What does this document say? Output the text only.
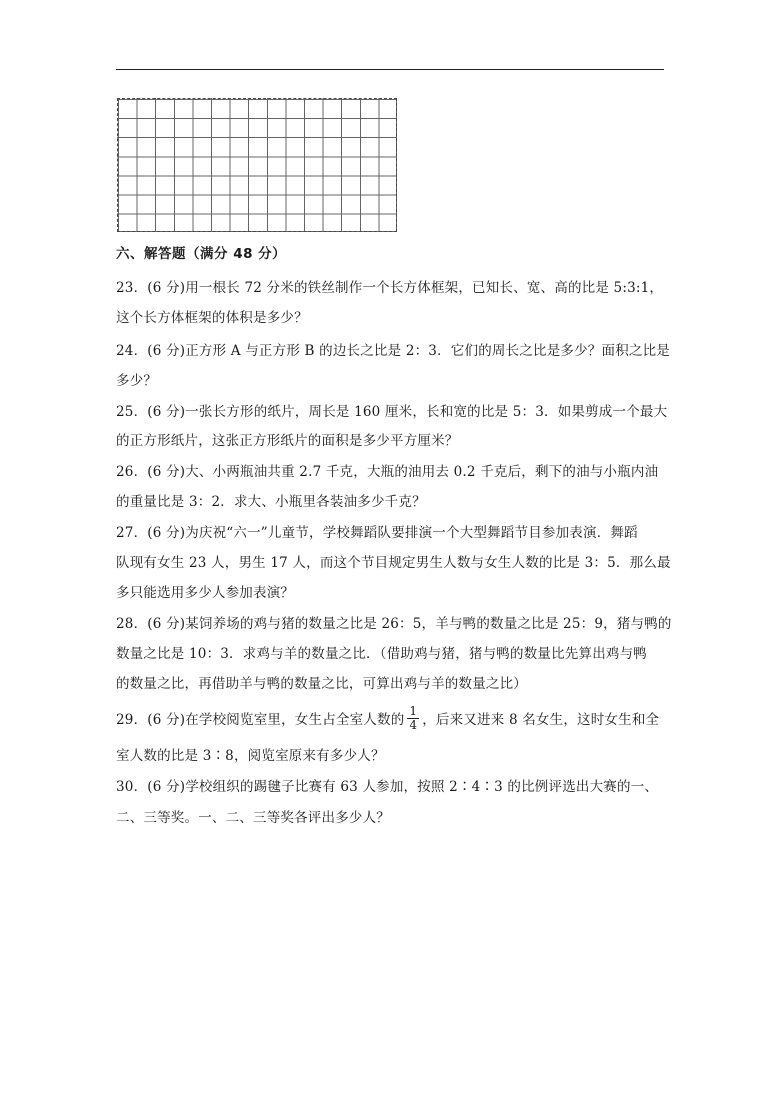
六、解答题（满分 48 分）
23．(6 分)用一根长 72 分米的铁丝制作一个长方体框架，已知长、宽、高的比是 5:3:1，
这个长方体框架的体积是多少？
24．(6 分)正方形 A 与正方形 B 的边长之比是 2：3．它们的周长之比是多少？面积之比是
多少？
25．(6 分)一张长方形的纸片，周长是 160 厘米，长和宽的比是 5：3．如果剪成一个最大
的正方形纸片，这张正方形纸片的面积是多少平方厘米？
26．(6 分)大、小两瓶油共重 2.7 千克，大瓶的油用去 0.2 千克后，剩下的油与小瓶内油
的重量比是 3：2．求大、小瓶里各装油多少千克？
27．(6 分)为庆祝“六一”儿童节，学校舞蹈队要排演一个大型舞蹈节目参加表演．舞蹈
队现有女生 23 人，男生 17 人，而这个节目规定男生人数与女生人数的比是 3：5．那么最
多只能选用多少人参加表演？
28．(6 分)某饲养场的鸡与猪的数量之比是 26：5，羊与鸭的数量之比是 25：9，猪与鸭的
数量之比是 10：3．求鸡与羊的数量之比．（借助鸡与猪，猪与鸭的数量比先算出鸡与鸭
的数量之比，再借助羊与鸭的数量之比，可算出鸡与羊的数量之比）
29．(6 分)在学校阅览室里，女生占全室人数的 $\frac{1}{4}$ ，后来又进来 8 名女生，这时女生和全
室人数的比是 3∶8，阅览室原来有多少人？
30．(6 分)学校组织的踢毽子比赛有 63 人参加，按照 2∶4∶3 的比例评选出大赛的一、
二、三等奖。一、二、三等奖各评出多少人？
